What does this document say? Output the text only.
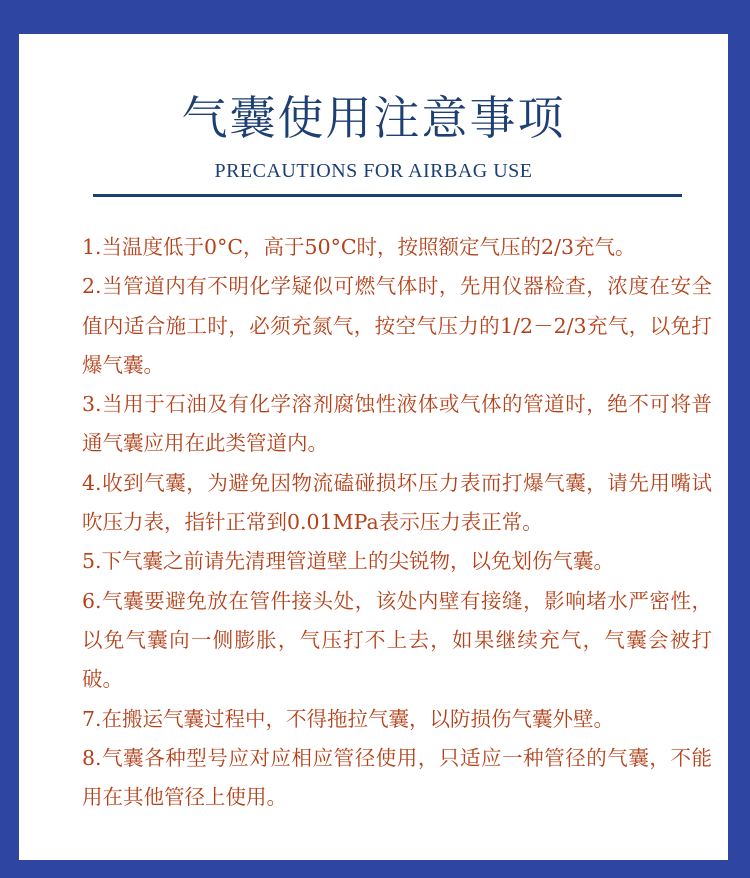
气囊使用注意事项
PRECAUTIONS FOR AIRBAG USE

1.当温度低于0°C，高于50°C时，按照额定气压的2/3充气。

2.当管道内有不明化学疑似可燃气体时，先用仪器检查，浓度在安全值内适合施工时，必须充氮气，按空气压力的1/2－2/3充气，以免打爆气囊。

3.当用于石油及有化学溶剂腐蚀性液体或气体的管道时，绝不可将普通气囊应用在此类管道内。

4.收到气囊，为避免因物流磕碰损坏压力表而打爆气囊，请先用嘴试吹压力表，指针正常到0.01MPa表示压力表正常。

5.下气囊之前请先清理管道壁上的尖锐物，以免划伤气囊。

6.气囊要避免放在管件接头处，该处内壁有接缝，影响堵水严密性，以免气囊向一侧膨胀，气压打不上去，如果继续充气，气囊会被打破。

7.在搬运气囊过程中，不得拖拉气囊，以防损伤气囊外壁。

8.气囊各种型号应对应相应管径使用，只适应一种管径的气囊，不能用在其他管径上使用。
